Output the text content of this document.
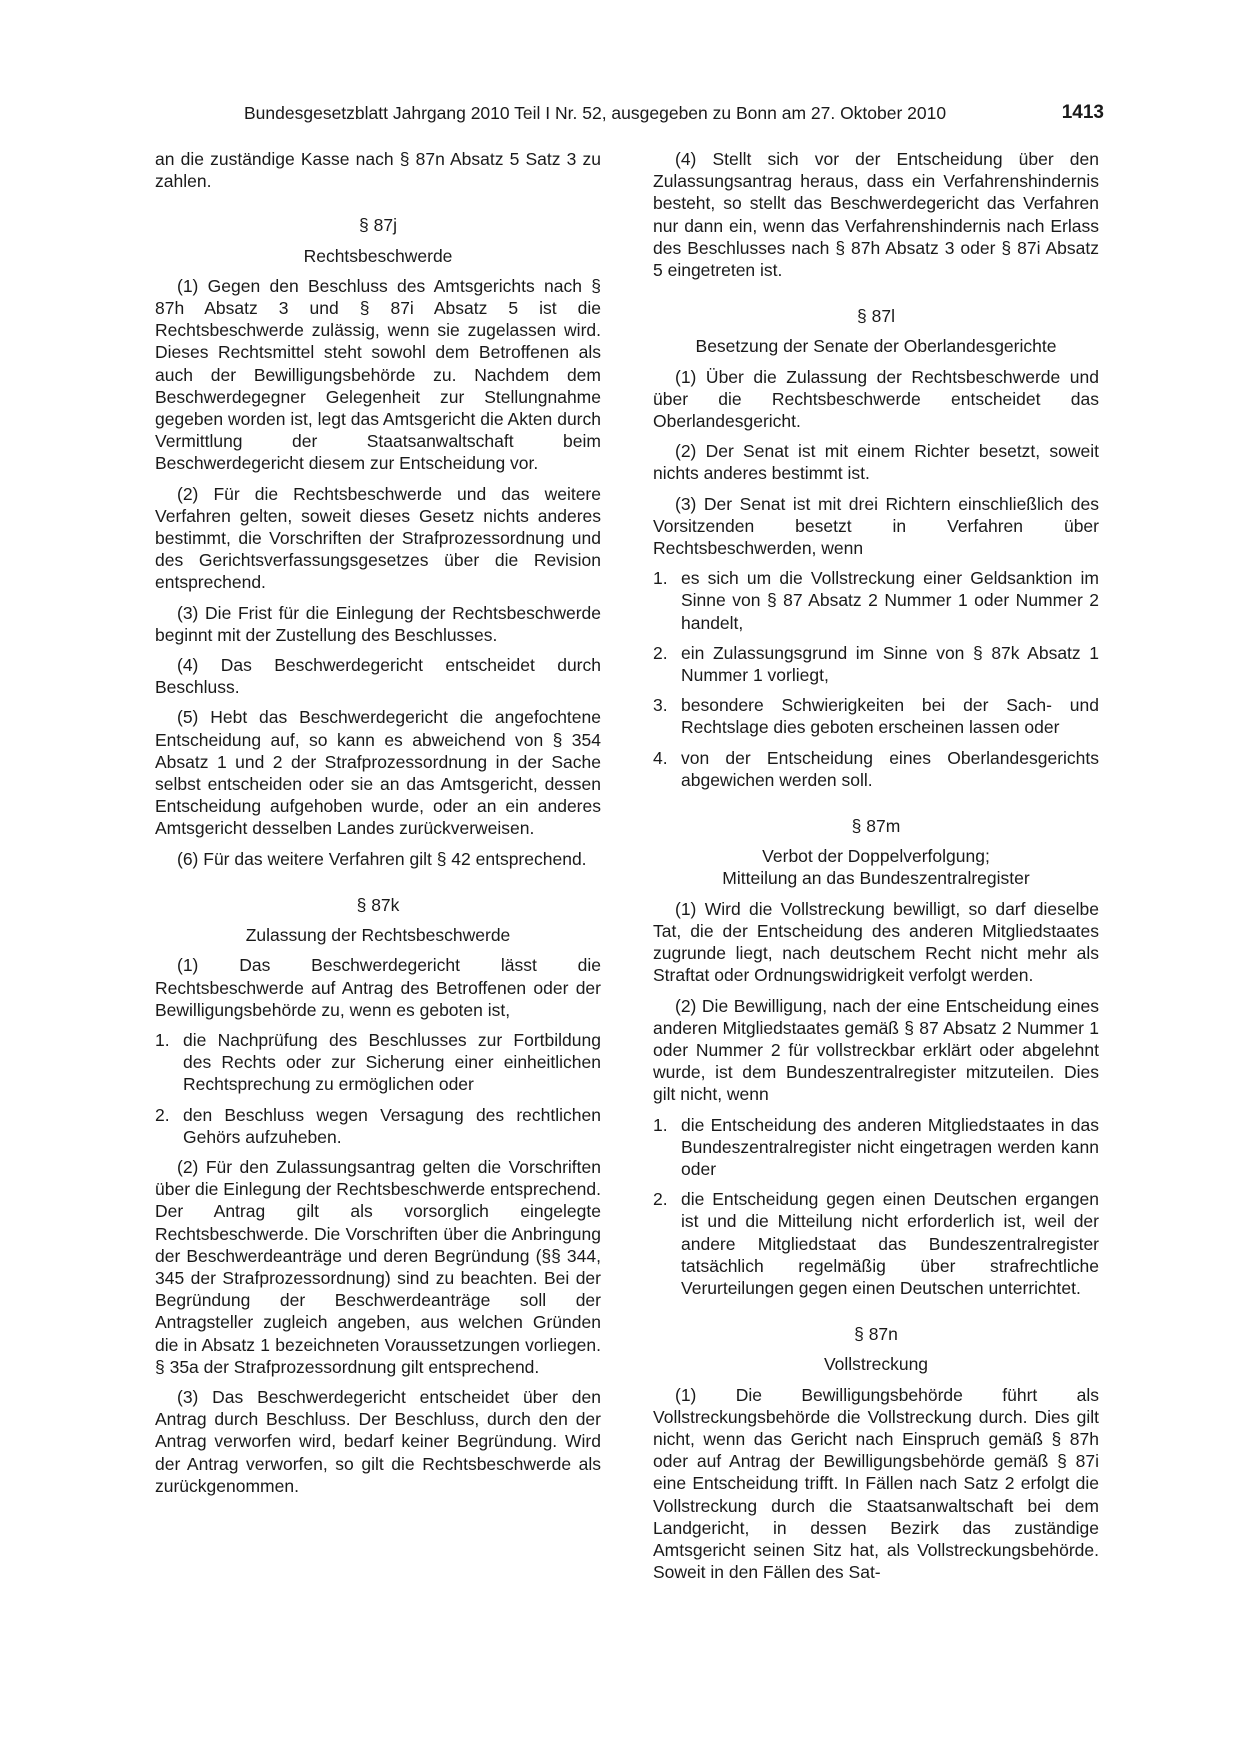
Bundesgesetzblatt Jahrgang 2010 Teil I Nr. 52, ausgegeben zu Bonn am 27. Oktober 2010	1413

an die zuständige Kasse nach § 87n Absatz 5 Satz 3 zu zahlen.

§ 87j
Rechtsbeschwerde

(1) Gegen den Beschluss des Amtsgerichts nach § 87h Absatz 3 und § 87i Absatz 5 ist die Rechtsbeschwerde zulässig, wenn sie zugelassen wird. Dieses Rechtsmittel steht sowohl dem Betroffenen als auch der Bewilligungsbehörde zu. Nachdem dem Beschwerdegegner Gelegenheit zur Stellungnahme gegeben worden ist, legt das Amtsgericht die Akten durch Vermittlung der Staatsanwaltschaft beim Beschwerdegericht diesem zur Entscheidung vor.

(2) Für die Rechtsbeschwerde und das weitere Verfahren gelten, soweit dieses Gesetz nichts anderes bestimmt, die Vorschriften der Strafprozessordnung und des Gerichtsverfassungsgesetzes über die Revision entsprechend.

(3) Die Frist für die Einlegung der Rechtsbeschwerde beginnt mit der Zustellung des Beschlusses.

(4) Das Beschwerdegericht entscheidet durch Beschluss.

(5) Hebt das Beschwerdegericht die angefochtene Entscheidung auf, so kann es abweichend von § 354 Absatz 1 und 2 der Strafprozessordnung in der Sache selbst entscheiden oder sie an das Amtsgericht, dessen Entscheidung aufgehoben wurde, oder an ein anderes Amtsgericht desselben Landes zurückverweisen.

(6) Für das weitere Verfahren gilt § 42 entsprechend.

§ 87k
Zulassung der Rechtsbeschwerde

(1) Das Beschwerdegericht lässt die Rechtsbeschwerde auf Antrag des Betroffenen oder der Bewilligungsbehörde zu, wenn es geboten ist,

1. die Nachprüfung des Beschlusses zur Fortbildung des Rechts oder zur Sicherung einer einheitlichen Rechtsprechung zu ermöglichen oder
2. den Beschluss wegen Versagung des rechtlichen Gehörs aufzuheben.

(2) Für den Zulassungsantrag gelten die Vorschriften über die Einlegung der Rechtsbeschwerde entsprechend. Der Antrag gilt als vorsorglich eingelegte Rechtsbeschwerde. Die Vorschriften über die Anbringung der Beschwerdeanträge und deren Begründung (§§ 344, 345 der Strafprozessordnung) sind zu beachten. Bei der Begründung der Beschwerdeanträge soll der Antragsteller zugleich angeben, aus welchen Gründen die in Absatz 1 bezeichneten Voraussetzungen vorliegen. § 35a der Strafprozessordnung gilt entsprechend.

(3) Das Beschwerdegericht entscheidet über den Antrag durch Beschluss. Der Beschluss, durch den der Antrag verworfen wird, bedarf keiner Begründung. Wird der Antrag verworfen, so gilt die Rechtsbeschwerde als zurückgenommen.

(4) Stellt sich vor der Entscheidung über den Zulassungsantrag heraus, dass ein Verfahrenshindernis besteht, so stellt das Beschwerdegericht das Verfahren nur dann ein, wenn das Verfahrenshindernis nach Erlass des Beschlusses nach § 87h Absatz 3 oder § 87i Absatz 5 eingetreten ist.

§ 87l
Besetzung der Senate der Oberlandesgerichte

(1) Über die Zulassung der Rechtsbeschwerde und über die Rechtsbeschwerde entscheidet das Oberlandesgericht.

(2) Der Senat ist mit einem Richter besetzt, soweit nichts anderes bestimmt ist.

(3) Der Senat ist mit drei Richtern einschließlich des Vorsitzenden besetzt in Verfahren über Rechtsbeschwerden, wenn

1. es sich um die Vollstreckung einer Geldsanktion im Sinne von § 87 Absatz 2 Nummer 1 oder Nummer 2 handelt,
2. ein Zulassungsgrund im Sinne von § 87k Absatz 1 Nummer 1 vorliegt,
3. besondere Schwierigkeiten bei der Sach- und Rechtslage dies geboten erscheinen lassen oder
4. von der Entscheidung eines Oberlandesgerichts abgewichen werden soll.
§ 87m
Verbot der Doppelverfolgung;
Mitteilung an das Bundeszentralregister

(1) Wird die Vollstreckung bewilligt, so darf dieselbe Tat, die der Entscheidung des anderen Mitgliedstaates zugrunde liegt, nach deutschem Recht nicht mehr als Straftat oder Ordnungswidrigkeit verfolgt werden.

(2) Die Bewilligung, nach der eine Entscheidung eines anderen Mitgliedstaates gemäß § 87 Absatz 2 Nummer 1 oder Nummer 2 für vollstreckbar erklärt oder abgelehnt wurde, ist dem Bundeszentralregister mitzuteilen. Dies gilt nicht, wenn

1. die Entscheidung des anderen Mitgliedstaates in das Bundeszentralregister nicht eingetragen werden kann oder
2. die Entscheidung gegen einen Deutschen ergangen ist und die Mitteilung nicht erforderlich ist, weil der andere Mitgliedstaat das Bundeszentralregister tatsächlich regelmäßig über strafrechtliche Verurteilungen gegen einen Deutschen unterrichtet.
§ 87n
Vollstreckung

(1) Die Bewilligungsbehörde führt als Vollstreckungsbehörde die Vollstreckung durch. Dies gilt nicht, wenn das Gericht nach Einspruch gemäß § 87h oder auf Antrag der Bewilligungsbehörde gemäß § 87i eine Entscheidung trifft. In Fällen nach Satz 2 erfolgt die Vollstreckung durch die Staatsanwaltschaft bei dem Landgericht, in dessen Bezirk das zuständige Amtsgericht seinen Sitz hat, als Vollstreckungsbehörde. Soweit in den Fällen des Sat-
